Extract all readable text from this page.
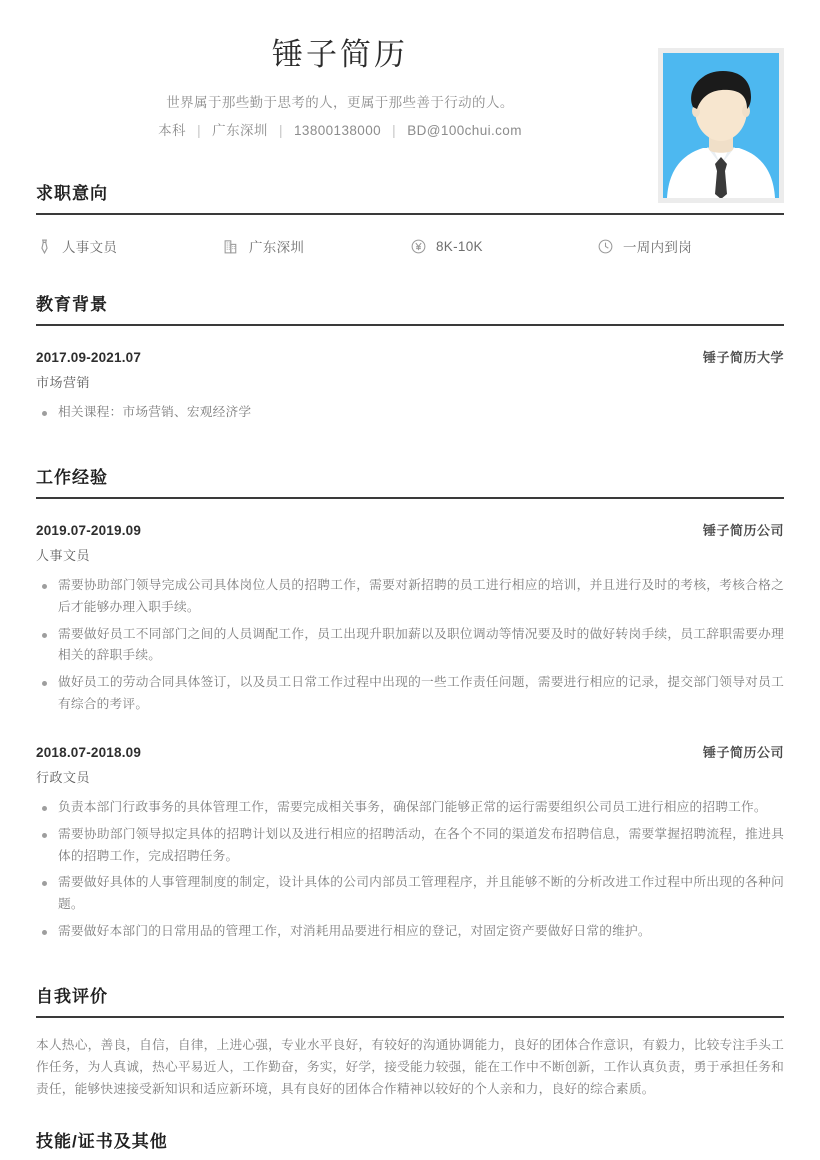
锤子简历
世界属于那些勤于思考的人，更属于那些善于行动的人。
本科 | 广东深圳 | 13800138000 | BD@100chui.com
求职意向
人事文员	广东深圳	8K-10K	一周内到岗
教育背景
2017.09-2021.07	锤子简历大学
市场营销
相关课程：市场营销、宏观经济学
工作经验
2019.07-2019.09	锤子简历公司
人事文员
需要协助部门领导完成公司具体岗位人员的招聘工作，需要对新招聘的员工进行相应的培训，并且进行及时的考核，考核合格之后才能够办理入职手续。
需要做好员工不同部门之间的人员调配工作，员工出现升职加薪以及职位调动等情况要及时的做好转岗手续，员工辞职需要办理相关的辞职手续。
做好员工的劳动合同具体签订，以及员工日常工作过程中出现的一些工作责任问题，需要进行相应的记录，提交部门领导对员工有综合的考评。
2018.07-2018.09	锤子简历公司
行政文员
负责本部门行政事务的具体管理工作，需要完成相关事务，确保部门能够正常的运行需要组织公司员工进行相应的招聘工作。
需要协助部门领导拟定具体的招聘计划以及进行相应的招聘活动，在各个不同的渠道发布招聘信息，需要掌握招聘流程，推进具体的招聘工作，完成招聘任务。
需要做好具体的人事管理制度的制定，设计具体的公司内部员工管理程序，并且能够不断的分析改进工作过程中所出现的各种问题。
需要做好本部门的日常用品的管理工作，对消耗用品要进行相应的登记，对固定资产要做好日常的维护。
自我评价
本人热心，善良，自信，自律，上进心强，专业水平良好，有较好的沟通协调能力，良好的团体合作意识，有毅力，比较专注手头工作任务，为人真诚，热心平易近人，工作勤奋，务实，好学，接受能力较强，能在工作中不断创新，工作认真负责，勇于承担任务和责任，能够快速接受新知识和适应新环境，具有良好的团体合作精神以较好的个人亲和力，良好的综合素质。
技能/证书及其他
